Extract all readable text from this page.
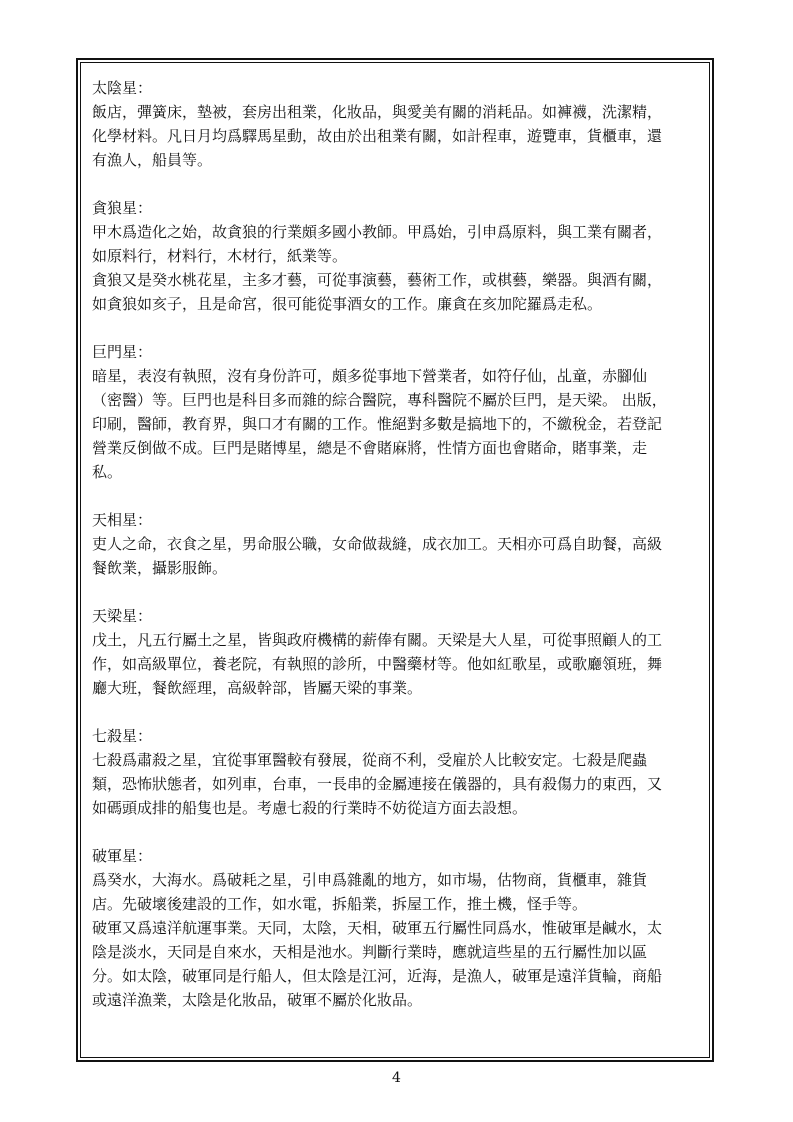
太陰星：
飯店，彈簧床，墊被，套房出租業，化妝品，與愛美有關的消耗品。如褲襪，洗潔精，
化學材料。凡日月均爲驛馬星動，故由於出租業有關，如計程車，遊覽車，貨櫃車，還
有漁人，船員等。
貪狼星：
甲木爲造化之始，故貪狼的行業頗多國小教師。甲爲始，引申爲原料，與工業有關者，
如原料行，材料行，木材行，紙業等。
貪狼又是癸水桃花星，主多才藝，可從事演藝，藝術工作，或棋藝，樂器。與酒有關，
如貪狼如亥子，且是命宮，很可能從事酒女的工作。廉貪在亥加陀羅爲走私。
巨門星：
暗星，表沒有執照，沒有身份許可，頗多從事地下營業者，如符仔仙，乩童，赤腳仙
（密醫）等。巨門也是科目多而雜的綜合醫院，專科醫院不屬於巨門，是天梁。 出版，
印刷，醫師，教育界，與口才有關的工作。惟絕對多數是搞地下的，不繳稅金，若登記
營業反倒做不成。巨門是賭博星，總是不會賭麻將，性情方面也會賭命，賭事業，走
私。
天相星：
吏人之命，衣食之星，男命服公職，女命做裁縫，成衣加工。天相亦可爲自助餐，高級
餐飲業，攝影服飾。
天梁星：
戊土，凡五行屬土之星，皆與政府機構的薪俸有關。天梁是大人星，可從事照顧人的工
作，如高級單位，養老院，有執照的診所，中醫藥材等。他如紅歌星，或歌廳領班，舞
廳大班，餐飲經理，高級幹部，皆屬天梁的事業。
七殺星：
七殺爲肅殺之星，宜從事軍醫較有發展，從商不利，受雇於人比較安定。七殺是爬蟲
類，恐怖狀態者，如列車，台車，一長串的金屬連接在儀器的，具有殺傷力的東西，又
如碼頭成排的船隻也是。考慮七殺的行業時不妨從這方面去設想。
破軍星：
爲癸水，大海水。爲破耗之星，引申爲雜亂的地方，如市場，估物商，貨櫃車，雜貨
店。先破壞後建設的工作，如水電，拆船業，拆屋工作，推土機，怪手等。
破軍又爲遠洋航運事業。天同，太陰，天相，破軍五行屬性同爲水，惟破軍是鹹水，太
陰是淡水，天同是自來水，天相是池水。判斷行業時，應就這些星的五行屬性加以區
分。如太陰，破軍同是行船人，但太陰是江河，近海，是漁人，破軍是遠洋貨輪，商船
或遠洋漁業，太陰是化妝品，破軍不屬於化妝品。
4
